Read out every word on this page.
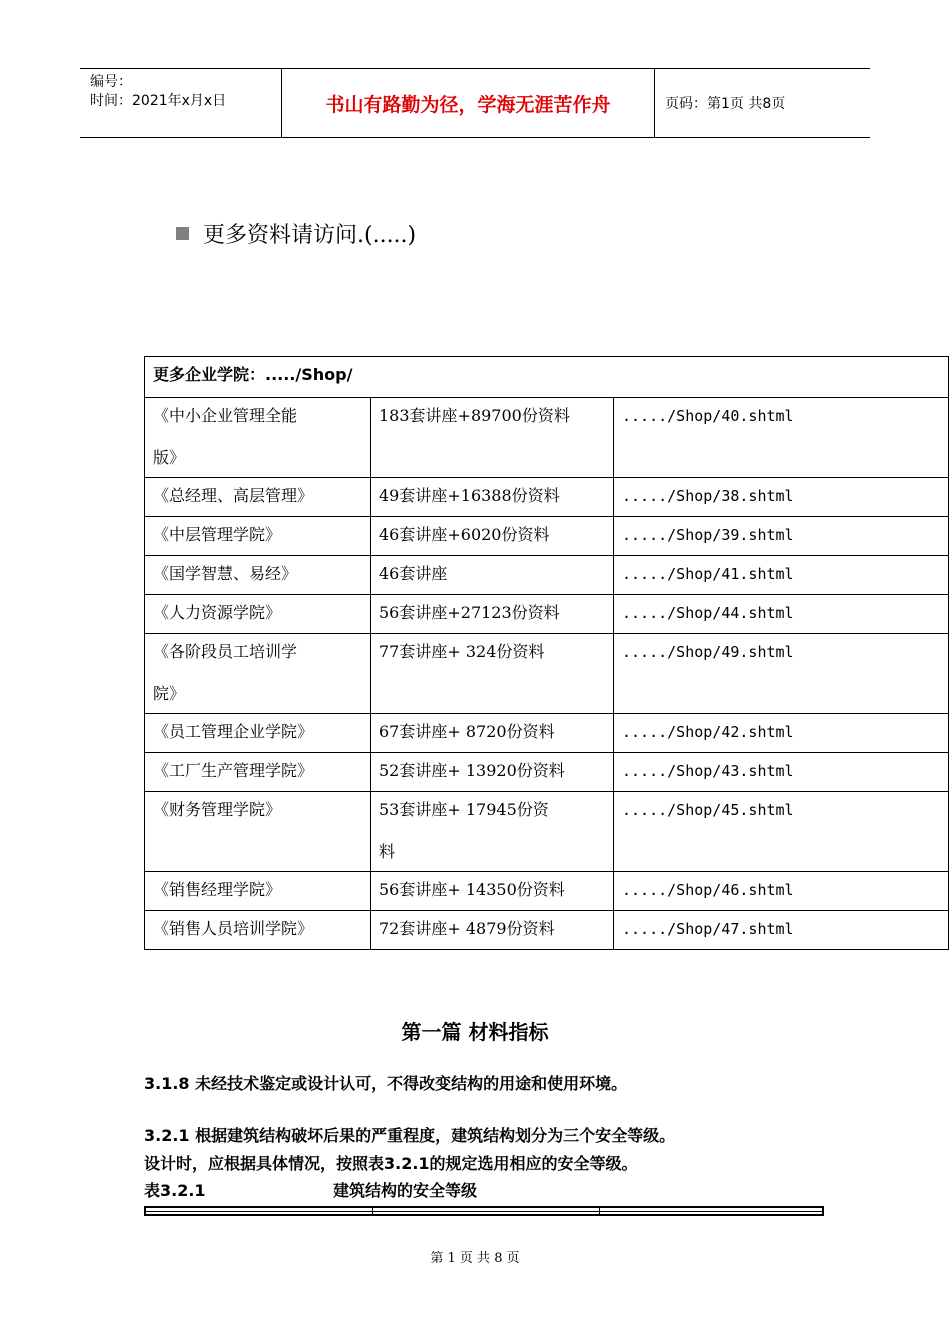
编号：
时间：2021年x月x日	书山有路勤为径，学海无涯苦作舟	页码：第1页 共8页
更多资料请访问.(.....)
更多企业学院：...../Shop/		

《中小企业管理全能
版》	183套讲座+89700份资料	...../Shop/40.shtml

《总经理、高层管理》	49套讲座+16388份资料	...../Shop/38.shtml

《中层管理学院》	46套讲座+6020份资料	...../Shop/39.shtml

《国学智慧、易经》	46套讲座	...../Shop/41.shtml

《人力资源学院》	56套讲座+27123份资料	...../Shop/44.shtml

《各阶段员工培训学
院》	77套讲座+ 324份资料	...../Shop/49.shtml

《员工管理企业学院》	67套讲座+ 8720份资料	...../Shop/42.shtml

《工厂生产管理学院》	52套讲座+ 13920份资料	...../Shop/43.shtml

《财务管理学院》	53套讲座+ 17945份资
料	...../Shop/45.shtml

《销售经理学院》	56套讲座+ 14350份资料	...../Shop/46.shtml

《销售人员培训学院》	72套讲座+ 4879份资料	...../Shop/47.shtml
第一篇 材料指标
3.1.8 未经技术鉴定或设计认可，不得改变结构的用途和使用环境。
3.2.1 根据建筑结构破坏后果的严重程度，建筑结构划分为三个安全等级。
设计时，应根据具体情况，按照表3.2.1的规定选用相应的安全等级。
表3.2.1	建筑结构的安全等级
第 1 页 共 8 页
